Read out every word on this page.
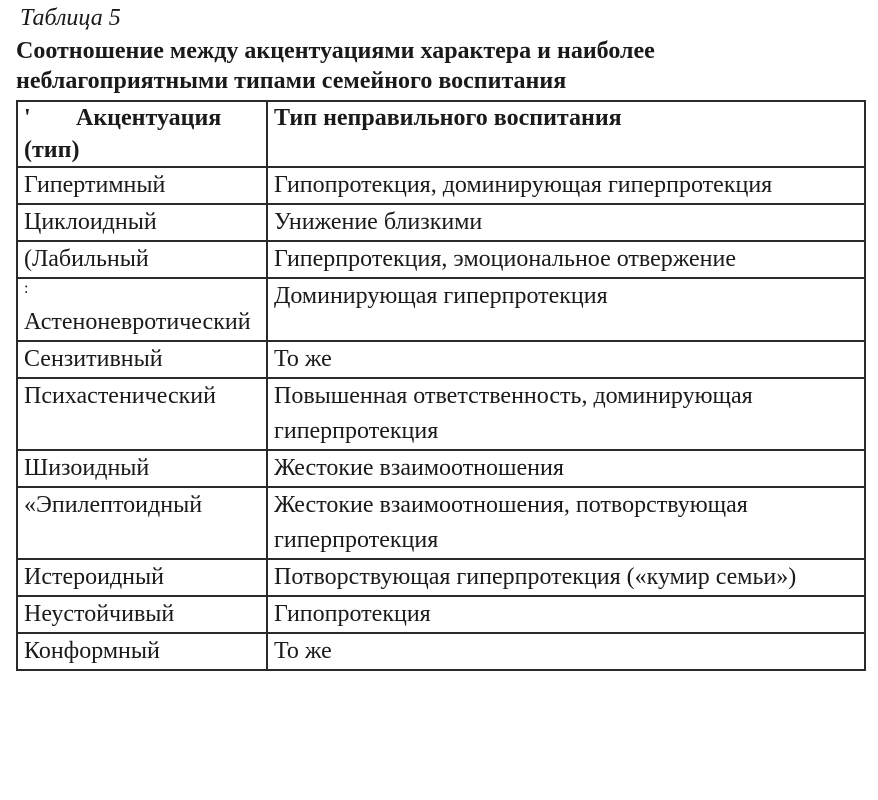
Таблица 5
Соотношение между акцентуациями характера и наиболее неблагоприятными типами семейного воспитания
' Акцентуация (тип)	Тип неправильного воспитания
Гипертимный	Гипопротекция, доминирующая гиперпротекция
Циклоидный	Унижение близкими
(Лабильный	Гиперпротекция, эмоциональное отвержение

:
Астеноневротический	Доминирующая гиперпротекция
Сензитивный	То же
Психастенический	Повышенная ответственность, доминирующая гиперпротекция
Шизоидный	Жестокие взаимоотношения
«Эпилептоидный	Жестокие взаимоотношения, потворствующая гиперпротекция
Истероидный	Потворствующая гиперпротекция («кумир семьи»)
Неустойчивый	Гипопротекция
Конформный	То же
